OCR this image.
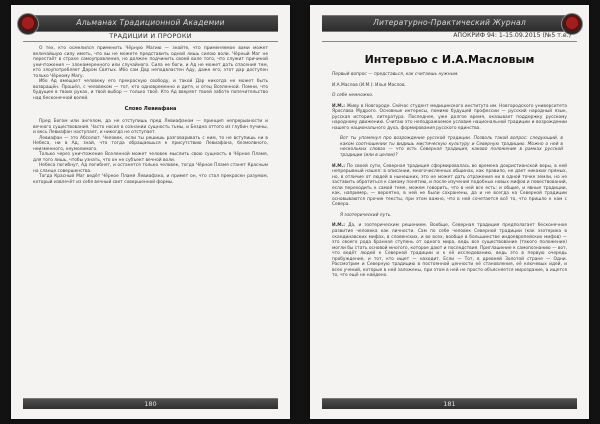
Альманах Традиционной Академии
ТРАДИЦИИ И ПРОРОКИ

О тех, кто осмелился применить Чёрную Магию — знайте, что применяемое вами может величайшую силу иметь, что вы не можете представить одной лишь силою воли. Чёрный Маг не перестаёт в страхе самоуправления, но должен подчинить своей воле того, что служит причиной уничтожения — злонамеренного или случайного. Сила не боги, и Ад не может дать спасения тем, кто злоупотребляет Даром Святых. Ибо сам Дар неподвластен Аду, даже его; этот дар доступен только Чёрному Магу.

Ибо Ад вмещает человеку его прекрасную свободу, и такой Дар никогда не может быть возвращён. Прошёл, с человеком — тот, кто одновременно и дитя, и отец Вселенной. Помни, что будущее в твоих руках, и твой выбор — только твоё. Кто Ад вверяет твоей заботе попечительство над бесконечной волей.

Слово Левиафана

Пред Богом или ангелом, да не отступишь пред Левиафаном — принцип непрерывности и вечного существования. Часто носил в сознании сущность тьмы, и Бездна оттого из глубин пучины, и весь Левиафан наступает, и никогда не отступает.

Левиафан — это Абсолют. Человек, если ты решишь разговаривать с ним, то не вступишь ни в Небеса, ни в Ад, знай, что тогда обращаешься к присутствию Левиафана, безмолвного, неизменного, неумолимого.

Только через уничтожение Вселенной может человек мыслить свою сущность в Чёрное Пламя, для того лишь, чтобы узнать, что он не субъект вечной воли.

Небеса погибнут, Ад погибнет, и останется только человек, тогда Чёрное Пламя станет Красным на сланце совершенства.

Тогда Красный Маг ведёт Чёрное Пламя Левиафана, и примет он, что стал прекрасен разумом, который извлечёт из себя вечный свет совершенной формы.

180
Литературно-Практический Журнал
АПОКРИФ 94: 1-15.09.2015 (№5 т.е.)
Интервью с И.А.Масловым

Первый вопрос — представься, как считаешь нужным.

И.А.Маслов (И.М.): Илья Маслов.

О себе немножко.

И.М.: Живу в Новгороде. Сейчас студент медицинского института им. Новгородского университета Ярослава Мудрого. Основные интересы, помимо будущей профессии — русский народный язык, русская история, литература. Последнее, уже долгое время, оказывает поддержку русскому народному движению. Считаю это неподражаемое условие национальной традиции и возрождении нашего национального духа, формирования русского единства.

Вот ты упомянул про возрождение русской традиции. Позволь такой вопрос: следующий, в каком соотношении ты видишь мистическую культуру и Северную традицию. Можно о ней в нескольких словах — что есть Северная традиция, каково положение в рамках русской традиции (или в целом)?

И.М.: По своей сути, Северная традиция сформировалась во времена дохристианской веры, в ней непрерывный нашел: в описании, многочисленных общинах, как правило, не дает никаких прямых, но, в отличие от людей в нынешних, это не может дать отражения ни в одной точке земли, но не заставить обратиться к самому понятию, и после изучения подобных новых мифов и повествований, если переходить к самой теме, можем говорить, что в ней все есть: и общие, и явные традиции, как, например, — вероятно, в ней не были сохранены, да и не всегда на Северной традиции основываются прочие тексты, при этом важно, что в ней сочетается всё то, что пришло к нам с Севера.

Я эзотерический путь.

И.М.: Да, и эзотерическим решением. Вообще, Северная традиция предполагает бесконечное развитие человека как личности. Сам по себе человек Северной традиции (как эзотерика в скандинавских мифах, в словенских, и во всех, вообще в большинстве индоевропейских мифов) — это своего рода бранная ступень от одного мира, ведь все существование (такого положение) могли бы стать основой многого, которое дают и последствия. Приглашение к самопознанию — вот, что ведёт людей к Северной традиции и к её исследованию, ведь это в первую очередь пробуждение, и тот, кто ищет — находит. Если — Тот, в древней Золотой стране — Одни. Рассмотрим и Северную традицию в постоянной ценности её становления, её ключевых идей, и всех учений, которые в ней заложены, при этом в ней не просто объясняется мироздание, а ищется то, что ещё не найдено.

181
